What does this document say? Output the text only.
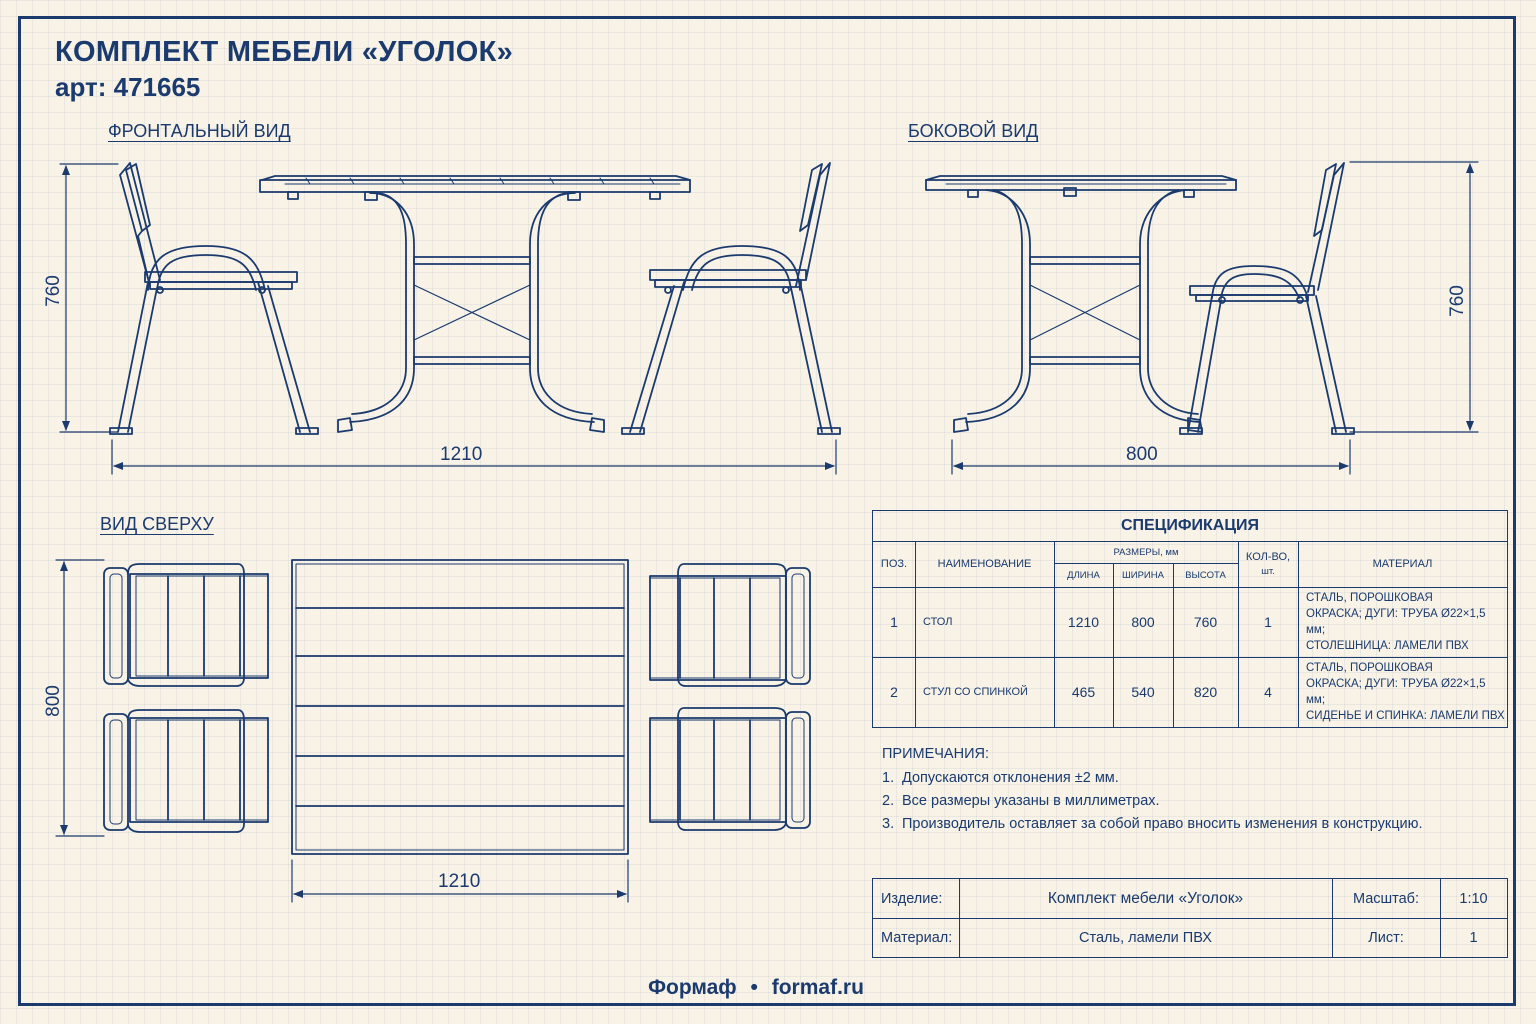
КОМПЛЕКТ МЕБЕЛИ «УГОЛОК»
арт: 471665
ФРОНТАЛЬНЫЙ ВИД	БОКОВОЙ ВИД
ВИД СВЕРХУ
760
1210
760
800
800
1210
СПЕЦИФИКАЦИЯ
ПОЗ.	НАИМЕНОВАНИЕ
РАЗМЕРЫ, мм
ДЛИНА	ШИРИНА	ВЫСОТА
КОЛ-ВО,
шт.
МАТЕРИАЛ
1	СТОЛ	1210	800	760	1
СТАЛЬ, ПОРОШКОВАЯ
ОКРАСКА; ДУГИ: ТРУБА Ø22×1,5 мм;
СТОЛЕШНИЦА: ЛАМЕЛИ ПВХ
2	СТУЛ СО СПИНКОЙ	465	540	820	4
СТАЛЬ, ПОРОШКОВАЯ
ОКРАСКА; ДУГИ: ТРУБА Ø22×1,5 мм;
СИДЕНЬЕ И СПИНКА: ЛАМЕЛИ ПВХ
ПРИМЕЧАНИЯ:
1. Допускаются отклонения ±2 мм.
2. Все размеры указаны в миллиметрах.
3. Производитель оставляет за собой право вносить изменения в конструкцию.
Изделие:	Комплект мебели «Уголок»	Масштаб:	1:10
Материал:	Сталь, ламели ПВХ	Лист:	1
Формаф • formaf.ru
